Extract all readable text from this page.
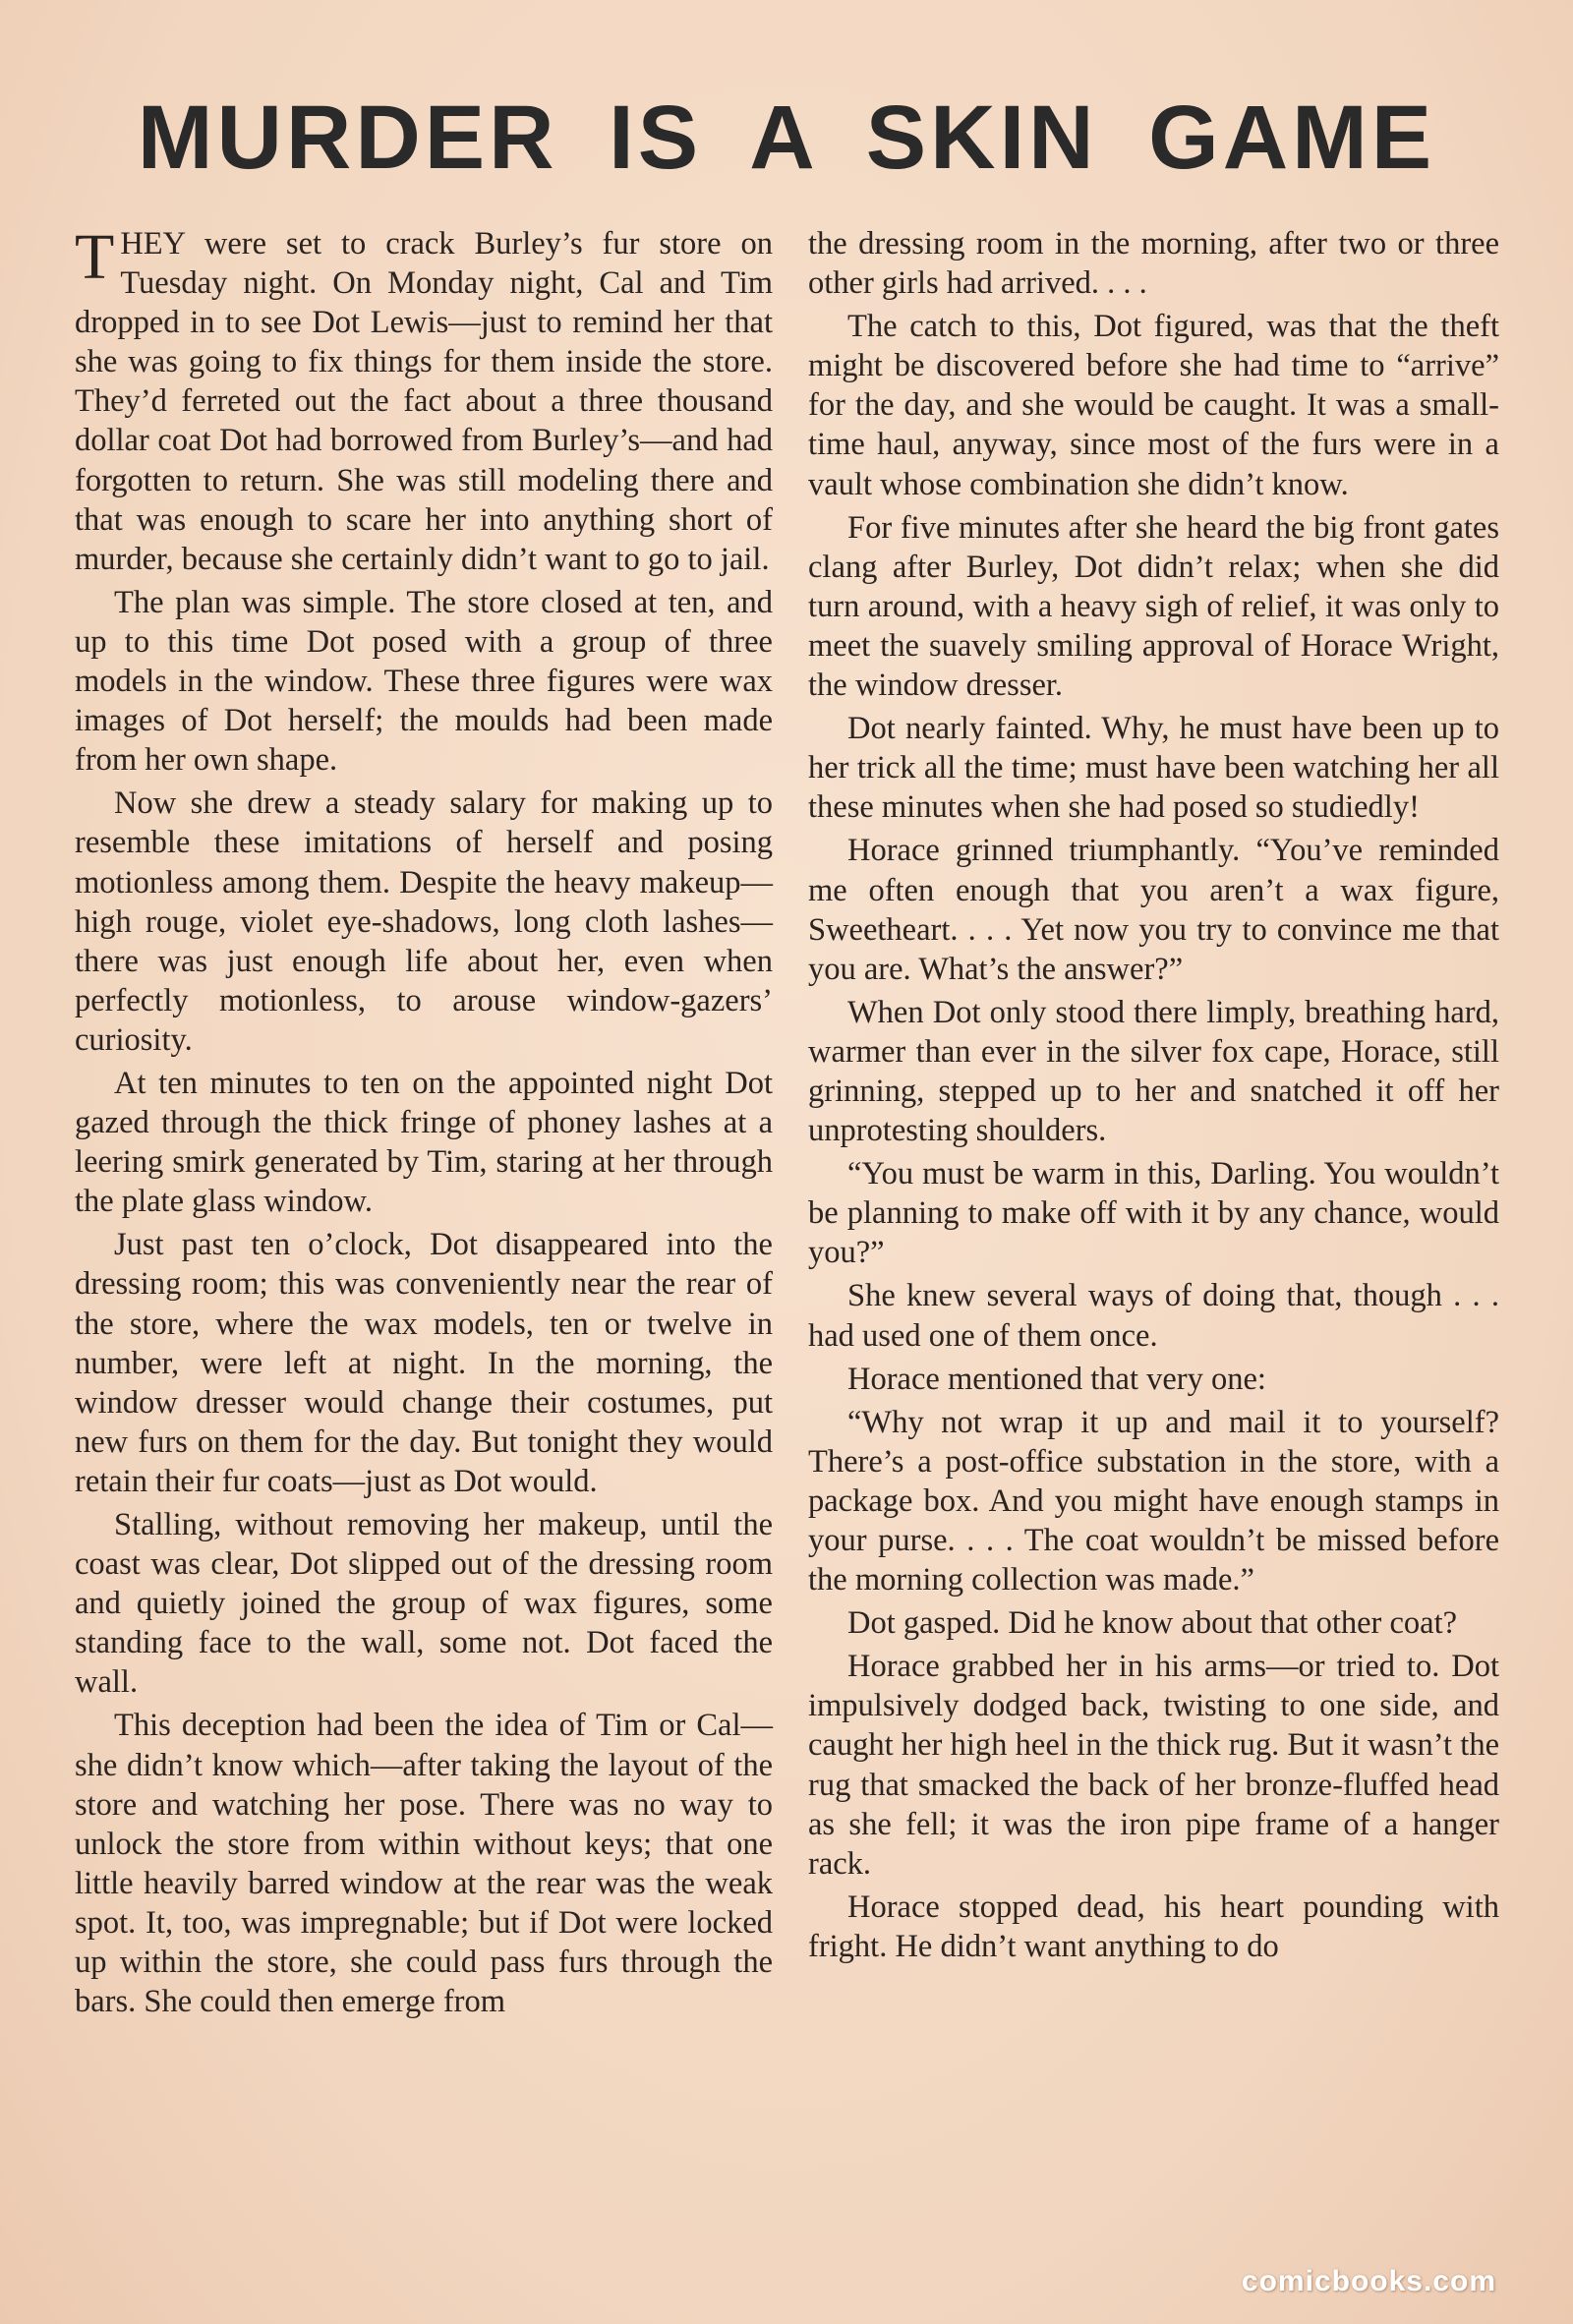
MURDER IS A SKIN GAME

THEY were set to crack Burley’s fur store on Tuesday night. On Monday night, Cal and Tim dropped in to see Dot Lewis—just to remind her that she was going to fix things for them inside the store. They’d ferreted out the fact about a three thousand dollar coat Dot had borrowed from Burley’s—and had forgotten to return. She was still modeling there and that was enough to scare her into anything short of murder, because she certainly didn’t want to go to jail.

The plan was simple. The store closed at ten, and up to this time Dot posed with a group of three models in the window. These three figures were wax images of Dot herself; the moulds had been made from her own shape.

Now she drew a steady salary for making up to resemble these imitations of herself and posing motionless among them. Despite the heavy makeup—high rouge, violet eye-shadows, long cloth lashes—there was just enough life about her, even when perfectly motionless, to arouse window-gazers’ curiosity.

At ten minutes to ten on the appointed night Dot gazed through the thick fringe of phoney lashes at a leering smirk generated by Tim, staring at her through the plate glass window.

Just past ten o’clock, Dot disappeared into the dressing room; this was conveniently near the rear of the store, where the wax models, ten or twelve in number, were left at night. In the morning, the window dresser would change their costumes, put new furs on them for the day. But tonight they would retain their fur coats—just as Dot would.

Stalling, without removing her makeup, until the coast was clear, Dot slipped out of the dressing room and quietly joined the group of wax figures, some standing face to the wall, some not. Dot faced the wall.

This deception had been the idea of Tim or Cal—she didn’t know which—after taking the layout of the store and watching her pose. There was no way to unlock the store from within without keys; that one little heavily barred window at the rear was the weak spot. It, too, was impregnable; but if Dot were locked up within the store, she could pass furs through the bars. She could then emerge from

the dressing room in the morning, after two or three other girls had arrived. . . .

The catch to this, Dot figured, was that the theft might be discovered before she had time to “arrive” for the day, and she would be caught. It was a small-time haul, anyway, since most of the furs were in a vault whose combination she didn’t know.

For five minutes after she heard the big front gates clang after Burley, Dot didn’t relax; when she did turn around, with a heavy sigh of relief, it was only to meet the suavely smiling approval of Horace Wright, the window dresser.

Dot nearly fainted. Why, he must have been up to her trick all the time; must have been watching her all these minutes when she had posed so studiedly!

Horace grinned triumphantly. “You’ve reminded me often enough that you aren’t a wax figure, Sweetheart. . . . Yet now you try to convince me that you are. What’s the answer?”

When Dot only stood there limply, breathing hard, warmer than ever in the silver fox cape, Horace, still grinning, stepped up to her and snatched it off her unprotesting shoulders.

“You must be warm in this, Darling. You wouldn’t be planning to make off with it by any chance, would you?”

She knew several ways of doing that, though . . . had used one of them once.

Horace mentioned that very one:

“Why not wrap it up and mail it to yourself? There’s a post-office substation in the store, with a package box. And you might have enough stamps in your purse. . . . The coat wouldn’t be missed before the morning collection was made.”

Dot gasped. Did he know about that other coat?

Horace grabbed her in his arms—or tried to. Dot impulsively dodged back, twisting to one side, and caught her high heel in the thick rug. But it wasn’t the rug that smacked the back of her bronze-fluffed head as she fell; it was the iron pipe frame of a hanger rack.

Horace stopped dead, his heart pounding with fright. He didn’t want anything to do

comicbooks.com
